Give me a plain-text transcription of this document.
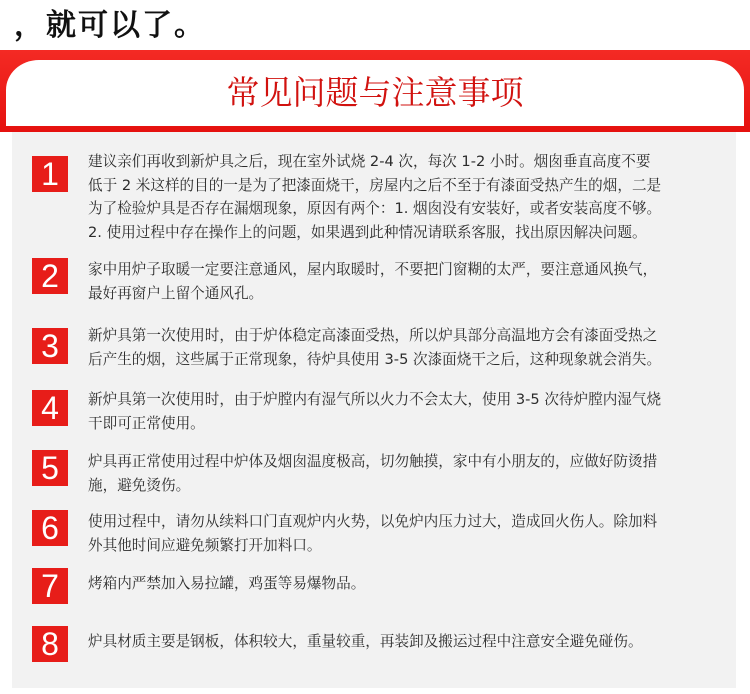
，就可以了。
常见问题与注意事项
1	建议亲们再收到新炉具之后，现在室外试烧 2-4 次，每次 1-2 小时。烟囱垂直高度不要
低于 2 米这样的目的一是为了把漆面烧干，房屋内之后不至于有漆面受热产生的烟，二是
为了检验炉具是否存在漏烟现象，原因有两个：1. 烟囱没有安装好，或者安装高度不够。
2. 使用过程中存在操作上的问题，如果遇到此种情况请联系客服，找出原因解决问题。
2	家中用炉子取暖一定要注意通风，屋内取暖时，不要把门窗糊的太严，要注意通风换气，
最好再窗户上留个通风孔。
3	新炉具第一次使用时，由于炉体稳定高漆面受热，所以炉具部分高温地方会有漆面受热之
后产生的烟，这些属于正常现象，待炉具使用 3-5 次漆面烧干之后，这种现象就会消失。
4	新炉具第一次使用时，由于炉膛内有湿气所以火力不会太大，使用 3-5 次待炉膛内湿气烧
干即可正常使用。
5	炉具再正常使用过程中炉体及烟囱温度极高，切勿触摸，家中有小朋友的，应做好防烫措
施，避免烫伤。
6	使用过程中，请勿从续料口门直观炉内火势，以免炉内压力过大，造成回火伤人。除加料
外其他时间应避免频繁打开加料口。
7	烤箱内严禁加入易拉罐，鸡蛋等易爆物品。
8	炉具材质主要是钢板，体积较大，重量较重，再装卸及搬运过程中注意安全避免碰伤。
